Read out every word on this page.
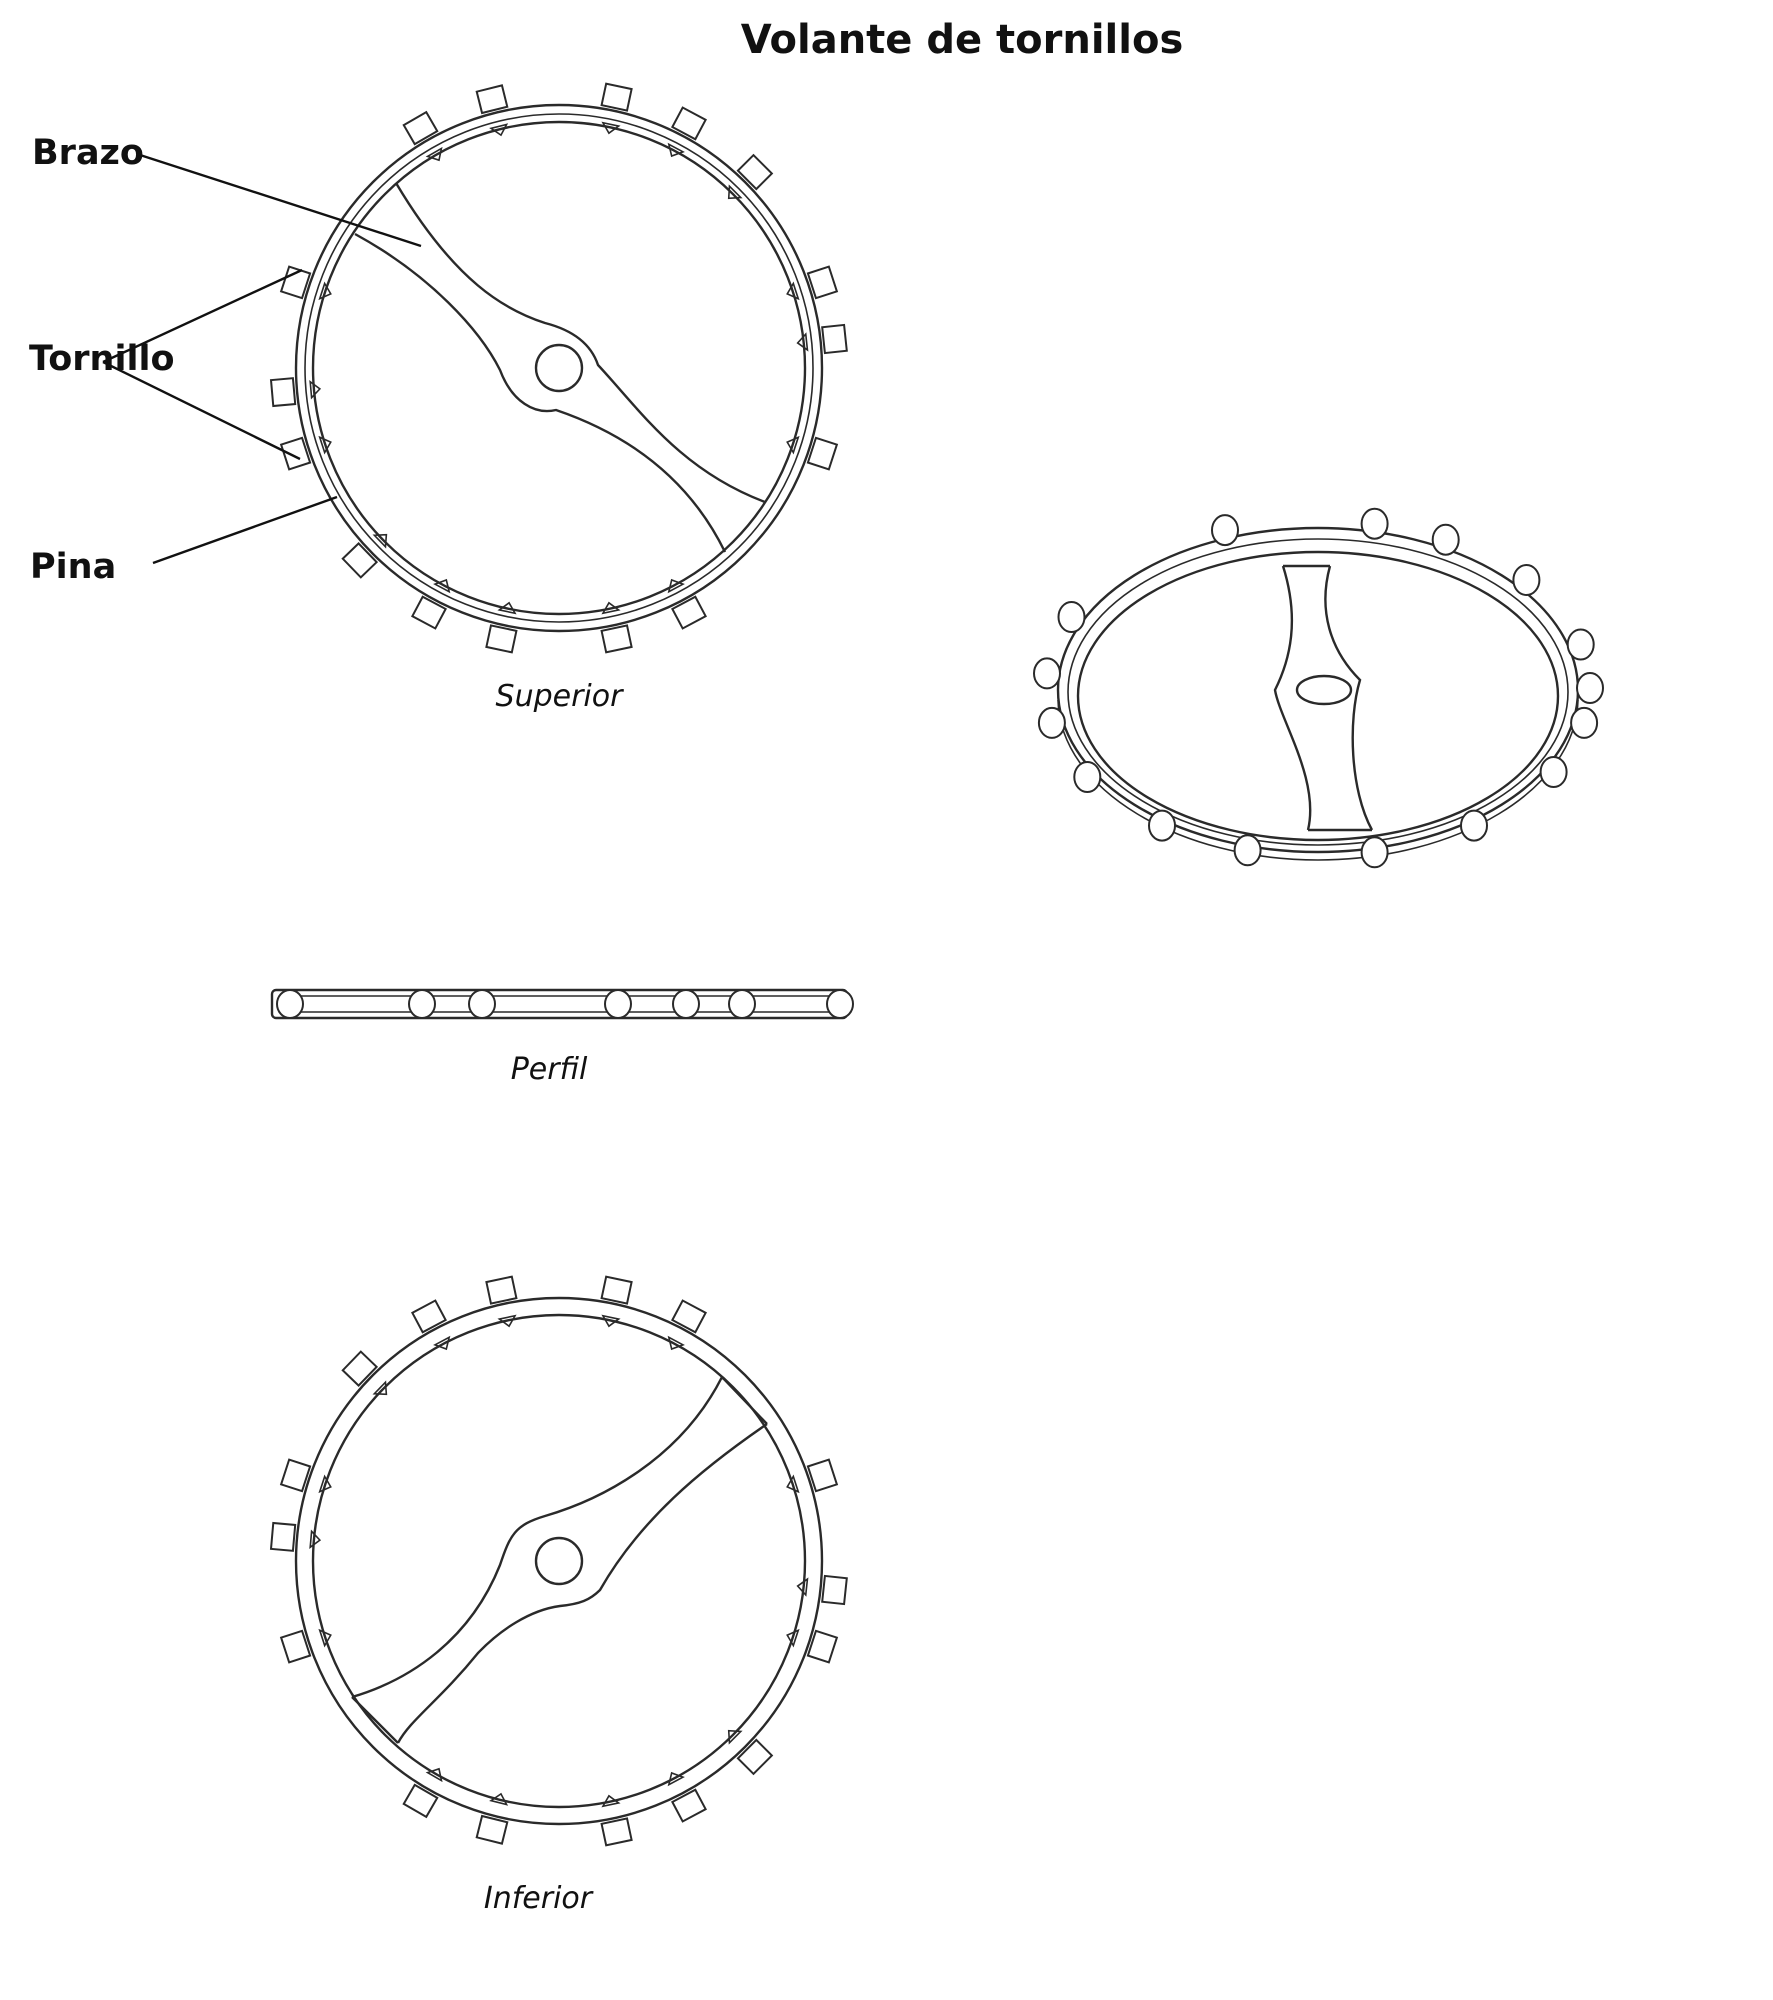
Volante de tornillos
Brazo
Tornillo
Pina
Superior
Perfil
Inferior
